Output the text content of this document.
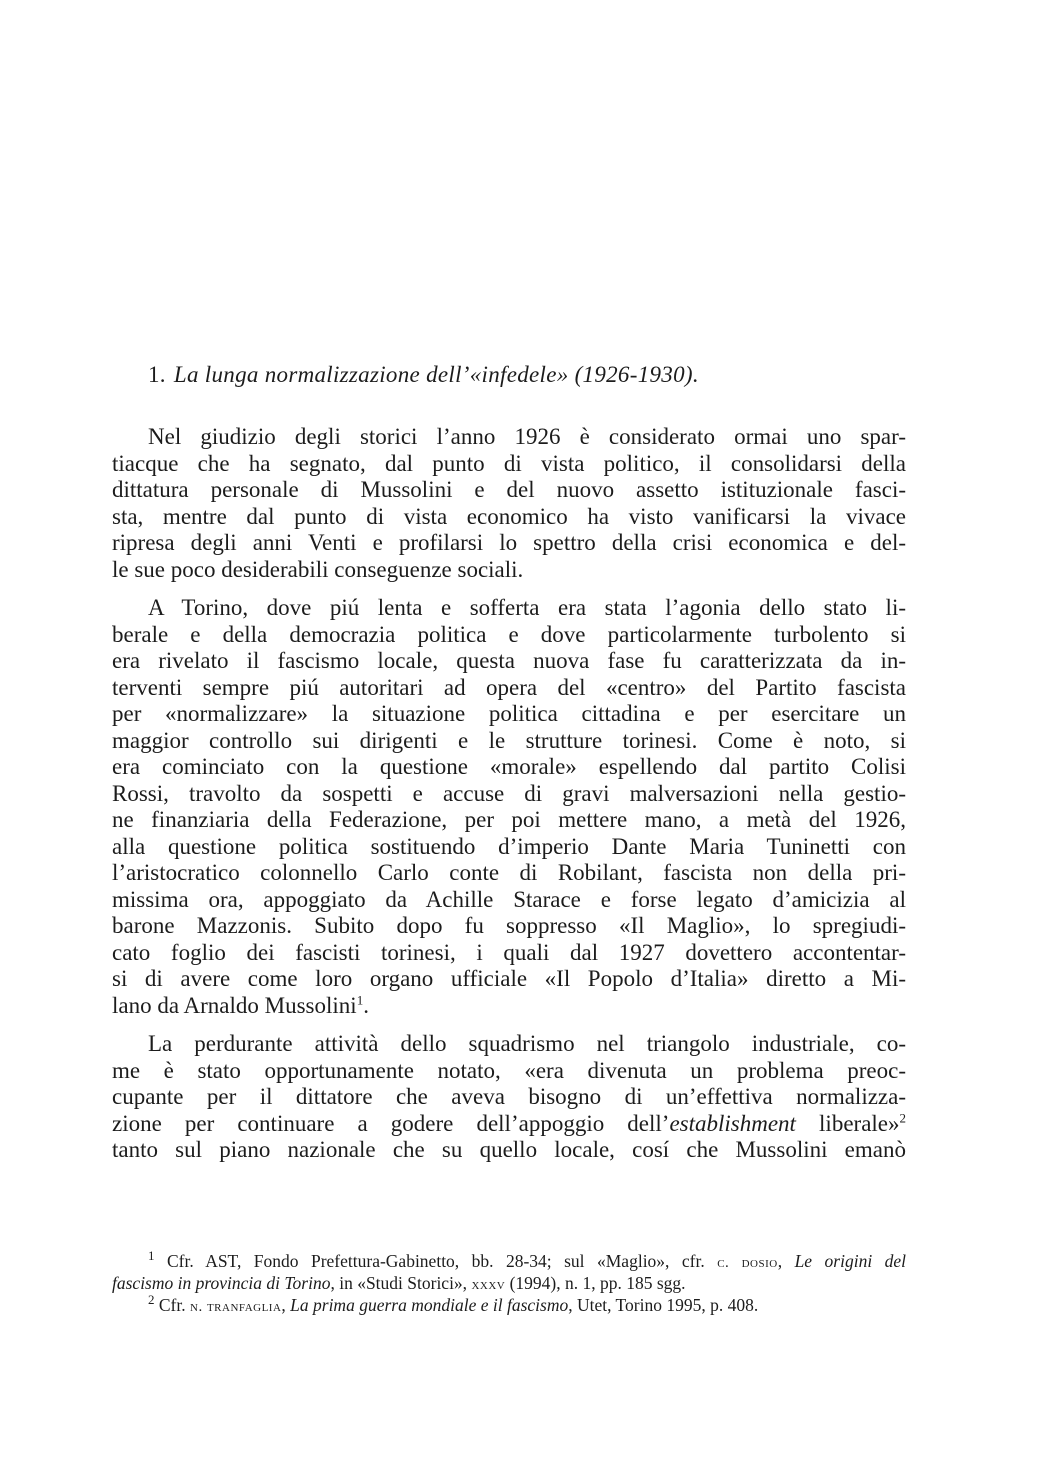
1. La lunga normalizzazione dell’«infedele» (1926-1930).
Nel giudizio degli storici l’anno 1926 è considerato ormai uno spar-
tiacque che ha segnato, dal punto di vista politico, il consolidarsi della
dittatura personale di Mussolini e del nuovo assetto istituzionale fasci-
sta, mentre dal punto di vista economico ha visto vanificarsi la vivace
ripresa degli anni Venti e profilarsi lo spettro della crisi economica e del-
le sue poco desiderabili conseguenze sociali.
A Torino, dove piú lenta e sofferta era stata l’agonia dello stato li-
berale e della democrazia politica e dove particolarmente turbolento si
era rivelato il fascismo locale, questa nuova fase fu caratterizzata da in-
terventi sempre piú autoritari ad opera del «centro» del Partito fascista
per «normalizzare» la situazione politica cittadina e per esercitare un
maggior controllo sui dirigenti e le strutture torinesi. Come è noto, si
era cominciato con la questione «morale» espellendo dal partito Colisi
Rossi, travolto da sospetti e accuse di gravi malversazioni nella gestio-
ne finanziaria della Federazione, per poi mettere mano, a metà del 1926,
alla questione politica sostituendo d’imperio Dante Maria Tuninetti con
l’aristocratico colonnello Carlo conte di Robilant, fascista non della pri-
missima ora, appoggiato da Achille Starace e forse legato d’amicizia al
barone Mazzonis. Subito dopo fu soppresso «Il Maglio», lo spregiudi-
cato foglio dei fascisti torinesi, i quali dal 1927 dovettero accontentar-
si di avere come loro organo ufficiale «Il Popolo d’Italia» diretto a Mi-
lano da Arnaldo Mussolini$^1$.
La perdurante attività dello squadrismo nel triangolo industriale, co-
me è stato opportunamente notato, «era divenuta un problema preoc-
cupante per il dittatore che aveva bisogno di un’effettiva normalizza-
zione per continuare a godere dell’appoggio dell’establishment liberale»$^2$
tanto sul piano nazionale che su quello locale, cosí che Mussolini emanò
$^1$ Cfr. AST, Fondo Prefettura-Gabinetto, bb. 28-34; sul «Maglio», cfr. c. dosio, Le origini del
fascismo in provincia di Torino, in «Studi Storici», xxxv (1994), n. 1, pp. 185 sgg.
$^2$ Cfr. n. tranfaglia, La prima guerra mondiale e il fascismo, Utet, Torino 1995, p. 408.
